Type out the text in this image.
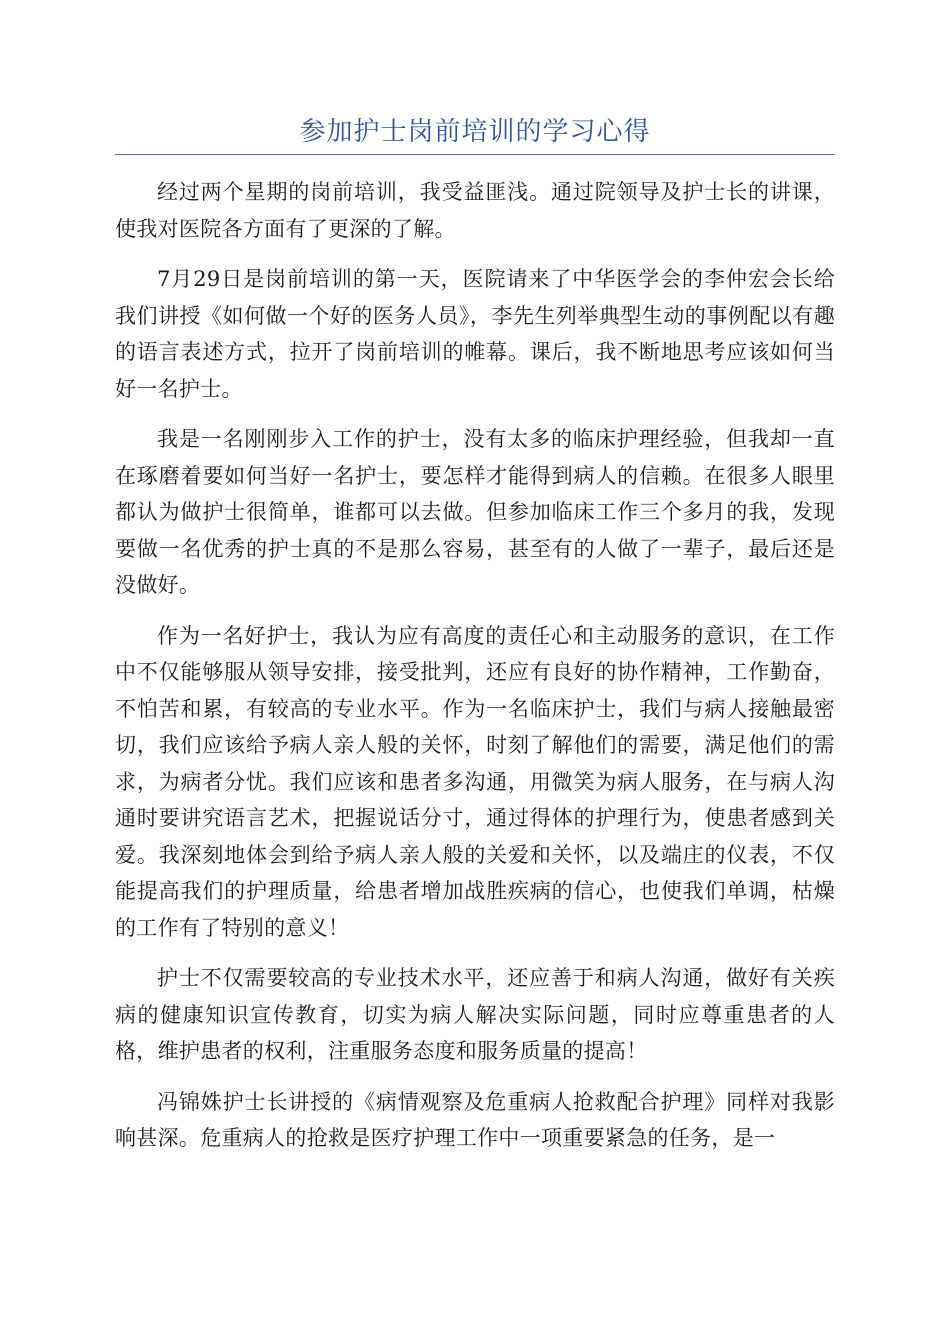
参加护士岗前培训的学习心得

经过两个星期的岗前培训，我受益匪浅。通过院领导及护士长的讲课，使我对医院各方面有了更深的了解。

7月29日是岗前培训的第一天，医院请来了中华医学会的李仲宏会长给我们讲授《如何做一个好的医务人员》，李先生列举典型生动的事例配以有趣的语言表述方式，拉开了岗前培训的帷幕。课后，我不断地思考应该如何当好一名护士。

我是一名刚刚步入工作的护士，没有太多的临床护理经验，但我却一直在琢磨着要如何当好一名护士，要怎样才能得到病人的信赖。在很多人眼里都认为做护士很简单，谁都可以去做。但参加临床工作三个多月的我，发现要做一名优秀的护士真的不是那么容易，甚至有的人做了一辈子，最后还是没做好。

作为一名好护士，我认为应有高度的责任心和主动服务的意识，在工作中不仅能够服从领导安排，接受批判，还应有良好的协作精神，工作勤奋，不怕苦和累，有较高的专业水平。作为一名临床护士，我们与病人接触最密切，我们应该给予病人亲人般的关怀，时刻了解他们的需要，满足他们的需求，为病者分忧。我们应该和患者多沟通，用微笑为病人服务，在与病人沟通时要讲究语言艺术，把握说话分寸，通过得体的护理行为，使患者感到关爱。我深刻地体会到给予病人亲人般的关爱和关怀，以及端庄的仪表，不仅能提高我们的护理质量，给患者增加战胜疾病的信心，也使我们单调，枯燥的工作有了特别的意义！

护士不仅需要较高的专业技术水平，还应善于和病人沟通，做好有关疾病的健康知识宣传教育，切实为病人解决实际问题，同时应尊重患者的人格，维护患者的权利，注重服务态度和服务质量的提高！

冯锦姝护士长讲授的《病情观察及危重病人抢救配合护理》同样对我影响甚深。危重病人的抢救是医疗护理工作中一项重要紧急的任务，是一
